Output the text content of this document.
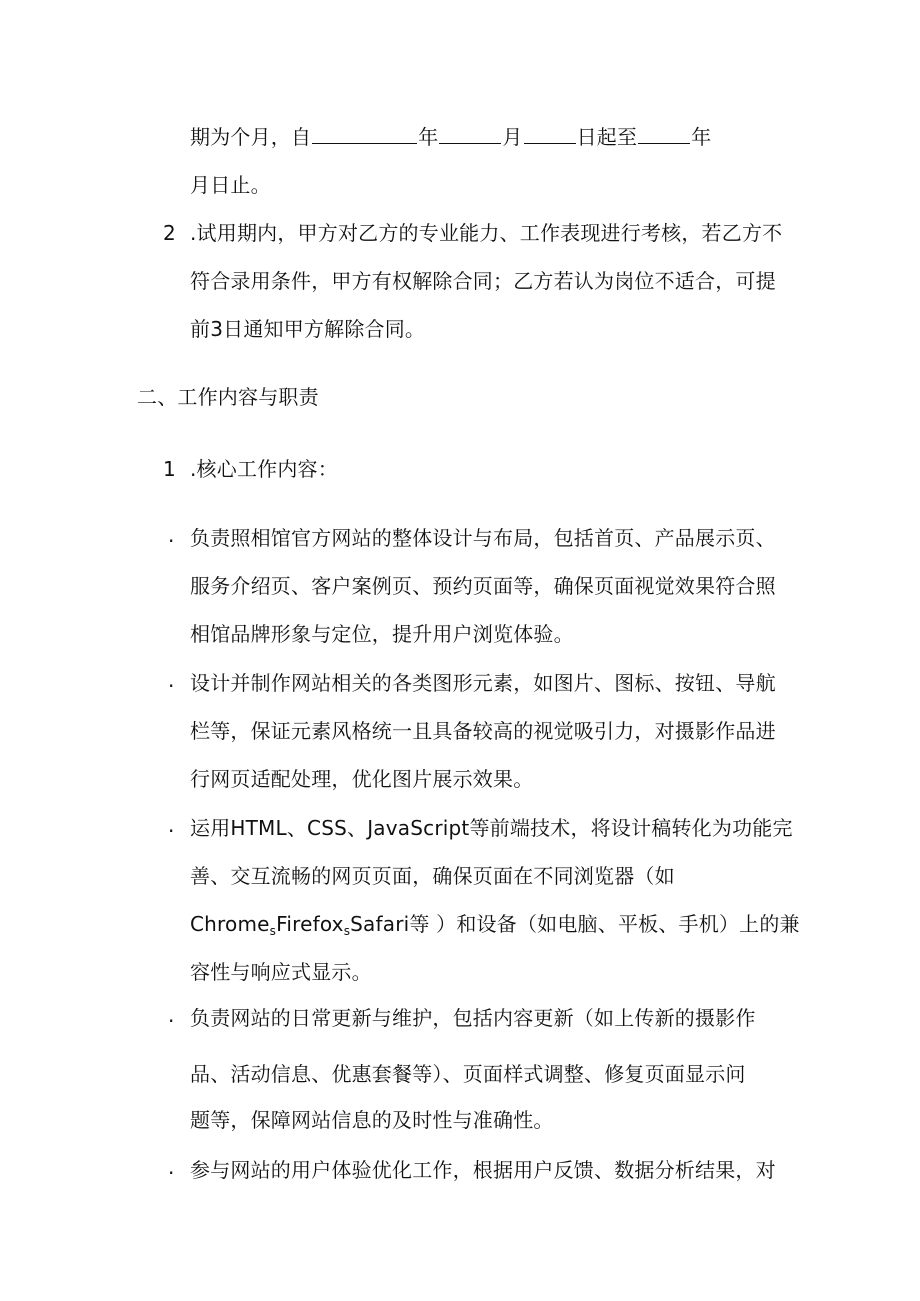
期为个月，自	年	月	日起至	年
月日止。
2 .试用期内，甲方对乙方的专业能力、工作表现进行考核，若乙方不
符合录用条件，甲方有权解除合同；乙方若认为岗位不适合，可提
前3日通知甲方解除合同。
二、工作内容与职责
1 .核心工作内容：
· 负责照相馆官方网站的整体设计与布局，包括首页、产品展示页、
服务介绍页、客户案例页、预约页面等，确保页面视觉效果符合照
相馆品牌形象与定位，提升用户浏览体验。
· 设计并制作网站相关的各类图形元素，如图片、图标、按钮、导航
栏等，保证元素风格统一且具备较高的视觉吸引力，对摄影作品进
行网页适配处理，优化图片展示效果。
· 运用HTML、CSS、JavaScript等前端技术，将设计稿转化为功能完
善、交互流畅的网页页面，确保页面在不同浏览器（如
Chrome$_s$Firefox$_s$Safari等 ）和设备（如电脑、平板、手机）上的兼
容性与响应式显示。
· 负责网站的日常更新与维护，包括内容更新（如上传新的摄影作
品、活动信息、优惠套餐等）、页面样式调整、修复页面显示问
题等，保障网站信息的及时性与准确性。
· 参与网站的用户体验优化工作，根据用户反馈、数据分析结果，对
